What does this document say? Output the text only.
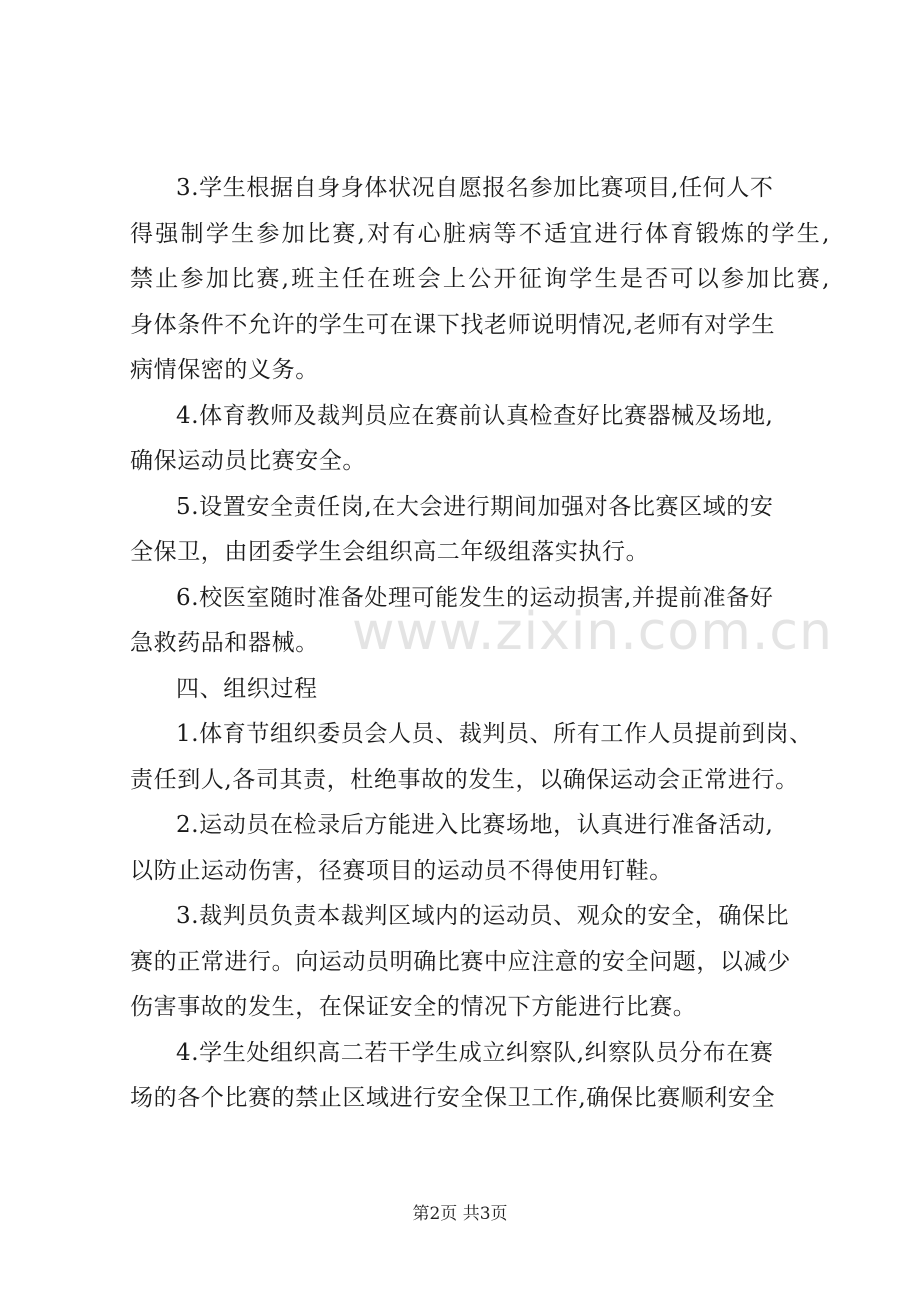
3.学生根据自身身体状况自愿报名参加比赛项目,任何人不
得强制学生参加比赛,对有心脏病等不适宜进行体育锻炼的学生,
禁止参加比赛,班主任在班会上公开征询学生是否可以参加比赛,
身体条件不允许的学生可在课下找老师说明情况,老师有对学生
病情保密的义务。
4.体育教师及裁判员应在赛前认真检查好比赛器械及场地,
确保运动员比赛安全。
5.设置安全责任岗,在大会进行期间加强对各比赛区域的安
全保卫，由团委学生会组织高二年级组落实执行。
6.校医室随时准备处理可能发生的运动损害,并提前准备好
急救药品和器械。
四、组织过程
1.体育节组织委员会人员、裁判员、所有工作人员提前到岗、
责任到人,各司其责，杜绝事故的发生，以确保运动会正常进行。
2.运动员在检录后方能进入比赛场地，认真进行准备活动,
以防止运动伤害，径赛项目的运动员不得使用钉鞋。
3.裁判员负责本裁判区域内的运动员、观众的安全，确保比
赛的正常进行。向运动员明确比赛中应注意的安全问题，以减少
伤害事故的发生，在保证安全的情况下方能进行比赛。
4.学生处组织高二若干学生成立纠察队,纠察队员分布在赛
场的各个比赛的禁止区域进行安全保卫工作,确保比赛顺利安全
www.zixin.com.cn
第2页 共3页
